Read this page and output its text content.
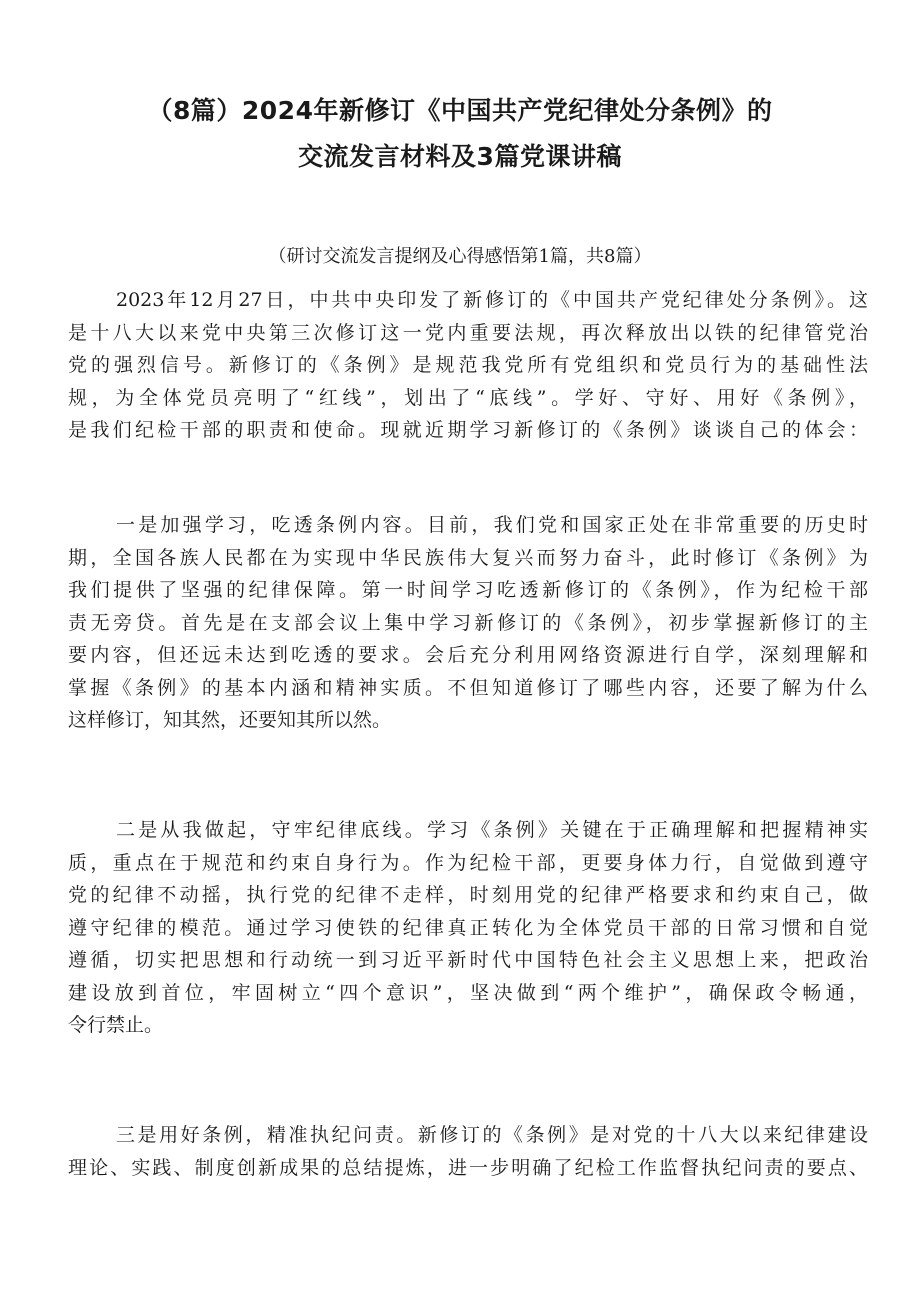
（8篇）2024年新修订《中国共产党纪律处分条例》的
交流发言材料及3篇党课讲稿
（研讨交流发言提纲及心得感悟第1篇，共8篇）
2023年12月27日，中共中央印发了新修订的《中国共产党纪律处分条例》。这
是十八大以来党中央第三次修订这一党内重要法规，再次释放出以铁的纪律管党治
党的强烈信号。新修订的《条例》是规范我党所有党组织和党员行为的基础性法
规，为全体党员亮明了“红线”，划出了“底线”。学好、守好、用好《条例》，
是我们纪检干部的职责和使命。现就近期学习新修订的《条例》谈谈自己的体会：
一是加强学习，吃透条例内容。目前，我们党和国家正处在非常重要的历史时
期，全国各族人民都在为实现中华民族伟大复兴而努力奋斗，此时修订《条例》为
我们提供了坚强的纪律保障。第一时间学习吃透新修订的《条例》，作为纪检干部
责无旁贷。首先是在支部会议上集中学习新修订的《条例》，初步掌握新修订的主
要内容，但还远未达到吃透的要求。会后充分利用网络资源进行自学，深刻理解和
掌握《条例》的基本内涵和精神实质。不但知道修订了哪些内容，还要了解为什么
这样修订，知其然，还要知其所以然。
二是从我做起，守牢纪律底线。学习《条例》关键在于正确理解和把握精神实
质，重点在于规范和约束自身行为。作为纪检干部，更要身体力行，自觉做到遵守
党的纪律不动摇，执行党的纪律不走样，时刻用党的纪律严格要求和约束自己，做
遵守纪律的模范。通过学习使铁的纪律真正转化为全体党员干部的日常习惯和自觉
遵循，切实把思想和行动统一到习近平新时代中国特色社会主义思想上来，把政治
建设放到首位，牢固树立“四个意识”，坚决做到“两个维护”，确保政令畅通，
令行禁止。
三是用好条例，精准执纪问责。新修订的《条例》是对党的十八大以来纪律建设
理论、实践、制度创新成果的总结提炼，进一步明确了纪检工作监督执纪问责的要点、
